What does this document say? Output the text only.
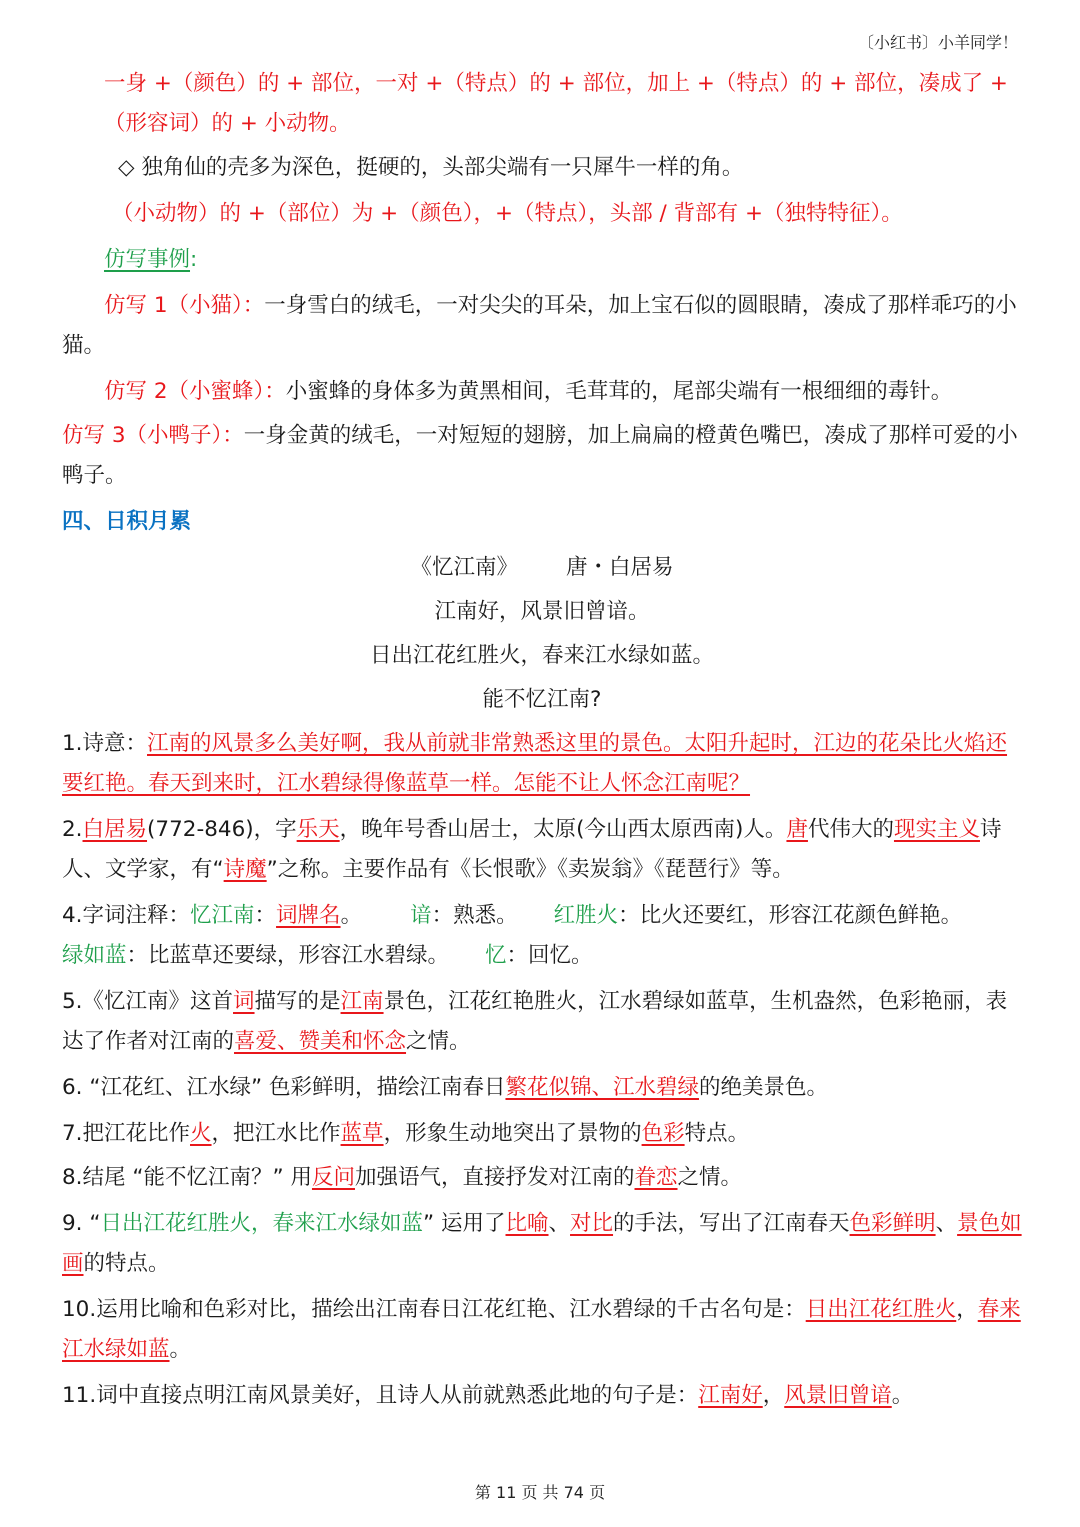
〔小红书〕小羊同学！

一身 +（颜色）的 + 部位，一对 +（特点）的 + 部位，加上 +（特点）的 + 部位，凑成了 +（形容词）的 + 小动物。

◇ 独角仙的壳多为深色，挺硬的，头部尖端有一只犀牛一样的角。

（小动物）的 +（部位）为 +（颜色），+（特点），头部 / 背部有 +（独特特征）。

仿写事例:

仿写 1（小猫）：一身雪白的绒毛，一对尖尖的耳朵，加上宝石似的圆眼睛，凑成了那样乖巧的小猫。

仿写 2（小蜜蜂）：小蜜蜂的身体多为黄黑相间，毛茸茸的，尾部尖端有一根细细的毒针。

仿写 3（小鸭子）：一身金黄的绒毛，一对短短的翅膀，加上扁扁的橙黄色嘴巴，凑成了那样可爱的小鸭子。

四、日积月累

《忆江南》 唐・白居易

江南好，风景旧曾谙。

日出江花红胜火，春来江水绿如蓝。

能不忆江南?

1.诗意：江南的风景多么美好啊，我从前就非常熟悉这里的景色。太阳升起时，江边的花朵比火焰还要红艳。春天到来时，江水碧绿得像蓝草一样。怎能不让人怀念江南呢？

2.白居易(772-846)，字乐天，晚年号香山居士，太原(今山西太原西南)人。唐代伟大的现实主义诗人、文学家，有“诗魔”之称。主要作品有《长恨歌》《卖炭翁》《琵琶行》等。

4.字词注释：忆江南：词牌名。 谙：熟悉。 红胜火：比火还要红，形容江花颜色鲜艳。绿如蓝：比蓝草还要绿，形容江水碧绿。 忆：回忆。

5.《忆江南》这首词描写的是江南景色，江花红艳胜火，江水碧绿如蓝草，生机盎然，色彩艳丽，表达了作者对江南的喜爱、赞美和怀念之情。

6. “江花红、江水绿” 色彩鲜明，描绘江南春日繁花似锦、江水碧绿的绝美景色。

7.把江花比作火，把江水比作蓝草，形象生动地突出了景物的色彩特点。

8.结尾 “能不忆江南？” 用反问加强语气，直接抒发对江南的眷恋之情。

9. “日出江花红胜火，春来江水绿如蓝” 运用了比喻、对比的手法，写出了江南春天色彩鲜明、景色如画的特点。

10.运用比喻和色彩对比，描绘出江南春日江花红艳、江水碧绿的千古名句是：日出江花红胜火，春来江水绿如蓝。

11.词中直接点明江南风景美好，且诗人从前就熟悉此地的句子是：江南好，风景旧曾谙。

第 11 页 共 74 页
